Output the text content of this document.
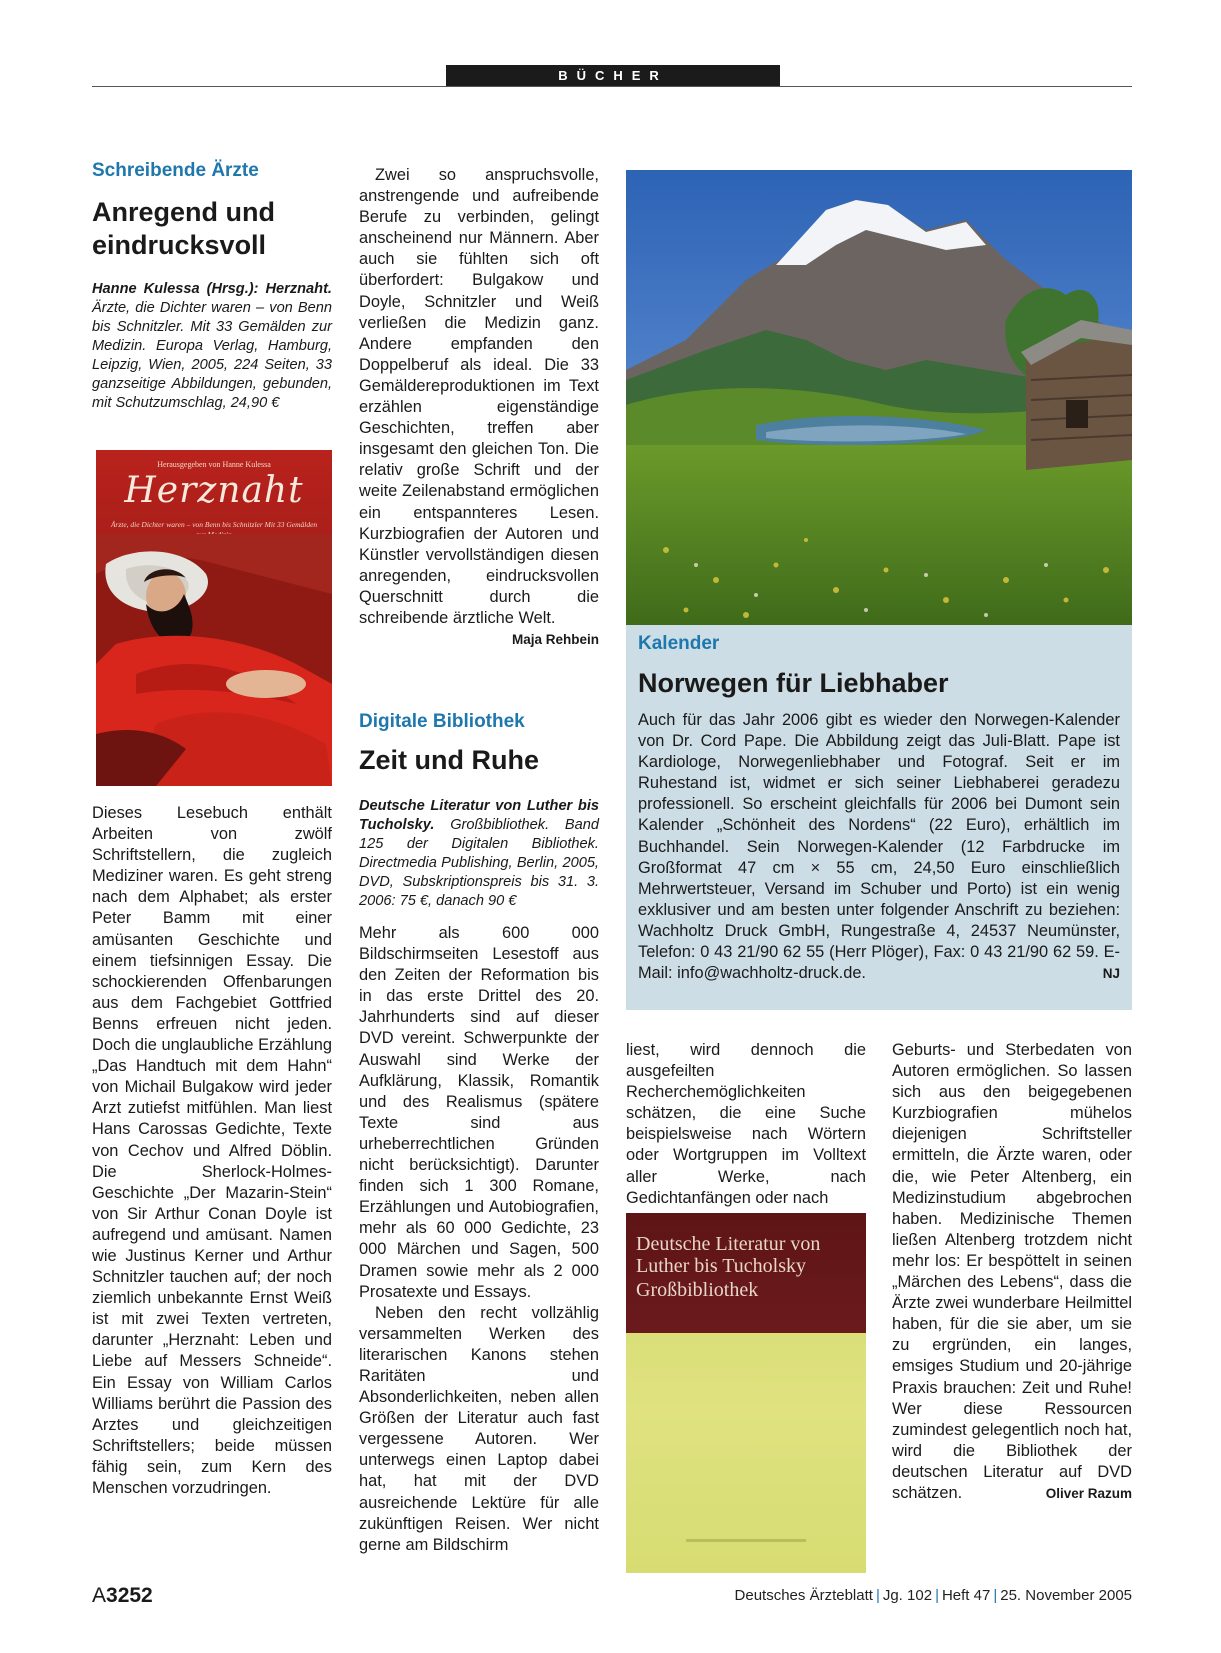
BÜCHER
Schreibende Ärzte
Anregend und eindrucksvoll
Hanne Kulessa (Hrsg.): Herznaht. Ärzte, die Dichter waren – von Benn bis Schnitzler. Mit 33 Gemälden zur Medizin. Europa Verlag, Hamburg, Leipzig, Wien, 2005, 224 Seiten, 33 ganzseitige Abbildungen, gebunden, mit Schutzumschlag, 24,90 €
Herausgegeben von Hanne Kulessa
Herznaht
Ärzte, die Dichter waren – von Benn bis Schnitzler Mit 33 Gemälden

Dieses Lesebuch enthält Arbeiten von zwölf Schriftstellern, die zugleich Mediziner waren. Es geht streng nach dem Alphabet; als erster Peter Bamm mit einer amüsanten Geschichte und einem tiefsinnigen Essay. Die schockierenden Offenbarungen aus dem Fachgebiet Gottfried Benns erfreuen nicht jeden. Doch die unglaubliche Erzählung „Das Handtuch mit dem Hahn“ von Michail Bulgakow wird jeder Arzt zutiefst mitfühlen. Man liest Hans Carossas Gedichte, Texte von Cechov und Alfred Döblin. Die Sherlock-Holmes-Geschichte „Der Mazarin-Stein“ von Sir Arthur Conan Doyle ist aufregend und amüsant. Namen wie Justinus Kerner und Arthur Schnitzler tauchen auf; der noch ziemlich unbekannte Ernst Weiß ist mit zwei Texten vertreten, darunter „Herznaht: Leben und Liebe auf Messers Schneide“. Ein Essay von William Carlos Williams berührt die Passion des Arztes und gleichzeitigen Schriftstellers; beide müssen fähig sein, zum Kern des Menschen vorzudringen.

Zwei so anspruchsvolle, anstrengende und aufreibende Berufe zu verbinden, gelingt anscheinend nur Männern. Aber auch sie fühlten sich oft überfordert: Bulgakow und Doyle, Schnitzler und Weiß verließen die Medizin ganz. Andere empfanden den Doppelberuf als ideal. Die 33 Gemäldereproduktionen im Text erzählen eigenständige Geschichten, treffen aber insgesamt den gleichen Ton. Die relativ große Schrift und der weite Zeilenabstand ermöglichen ein entspannteres Lesen. Kurzbiografien der Autoren und Künstler vervollständigen diesen anregenden, eindrucksvollen Querschnitt durch die schreibende ärztliche Welt.
Maja Rehbein

Digitale Bibliothek
Zeit und Ruhe
Deutsche Literatur von Luther bis Tucholsky. Großbibliothek. Band 125 der Digitalen Bibliothek. Directmedia Publishing, Berlin, 2005, DVD, Subskriptionspreis bis 31. 3. 2006: 75 €, danach 90 €

Mehr als 600 000 Bildschirmseiten Lesestoff aus den Zeiten der Reformation bis in das erste Drittel des 20. Jahrhunderts sind auf dieser DVD vereint. Schwerpunkte der Auswahl sind Werke der Aufklärung, Klassik, Romantik und des Realismus (spätere Texte sind aus urheberrechtlichen Gründen nicht berücksichtigt). Darunter finden sich 1 300 Romane, Erzählungen und Autobiografien, mehr als 60 000 Gedichte, 23 000 Märchen und Sagen, 500 Dramen sowie mehr als 2 000 Prosatexte und Essays.

Neben den recht vollzählig versammelten Werken des literarischen Kanons stehen Raritäten und Absonderlichkeiten, neben allen Größen der Literatur auch fast vergessene Autoren. Wer unterwegs einen Laptop dabei hat, hat mit der DVD ausreichende Lektüre für alle zukünftigen Reisen. Wer nicht gerne am Bildschirm

Kalender
Norwegen für Liebhaber

Auch für das Jahr 2006 gibt es wieder den Norwegen-Kalender von Dr. Cord Pape. Die Abbildung zeigt das Juli-Blatt. Pape ist Kardiologe, Norwegenliebhaber und Fotograf. Seit er im Ruhestand ist, widmet er sich seiner Liebhaberei geradezu professionell. So erscheint gleichfalls für 2006 bei Dumont sein Kalender „Schönheit des Nordens“ (22 Euro), erhältlich im Buchhandel. Sein Norwegen-Kalender (12 Farbdrucke im Großformat 47 cm × 55 cm, 24,50 Euro einschließlich Mehrwertsteuer, Versand im Schuber und Porto) ist ein wenig exklusiver und am besten unter folgender Anschrift zu beziehen: Wachholtz Druck GmbH, Rungestraße 4, 24537 Neumünster, Telefon: 0 43 21/90 62 55 (Herr Plöger), Fax: 0 43 21/90 62 59. E-Mail: info@wachholtz-druck.de.	NJ

liest, wird dennoch die ausgefeilten Recherchemöglichkeiten schätzen, die eine Suche beispielsweise nach Wörtern oder Wortgruppen im Volltext aller Werke, nach Gedichtanfängen oder nach

Deutsche Literatur von Luther bis Tucholsky
Großbibliothek

Geburts- und Sterbedaten von Autoren ermöglichen. So lassen sich aus den beigegebenen Kurzbiografien mühelos diejenigen Schriftsteller ermitteln, die Ärzte waren, oder die, wie Peter Altenberg, ein Medizinstudium abgebrochen haben. Medizinische Themen ließen Altenberg trotzdem nicht mehr los: Er bespöttelt in seinen „Märchen des Lebens“, dass die Ärzte zwei wunderbare Heilmittel haben, für die sie aber, um sie zu ergründen, ein langes, emsiges Studium und 20-jährige Praxis brauchen: Zeit und Ruhe! Wer diese Ressourcen zumindest gelegentlich noch hat, wird die Bibliothek der deutschen Literatur auf DVD schätzen.	Oliver Razum

A3252	Deutsches Ärzteblatt | Jg. 102 | Heft 47 | 25. November 2005
